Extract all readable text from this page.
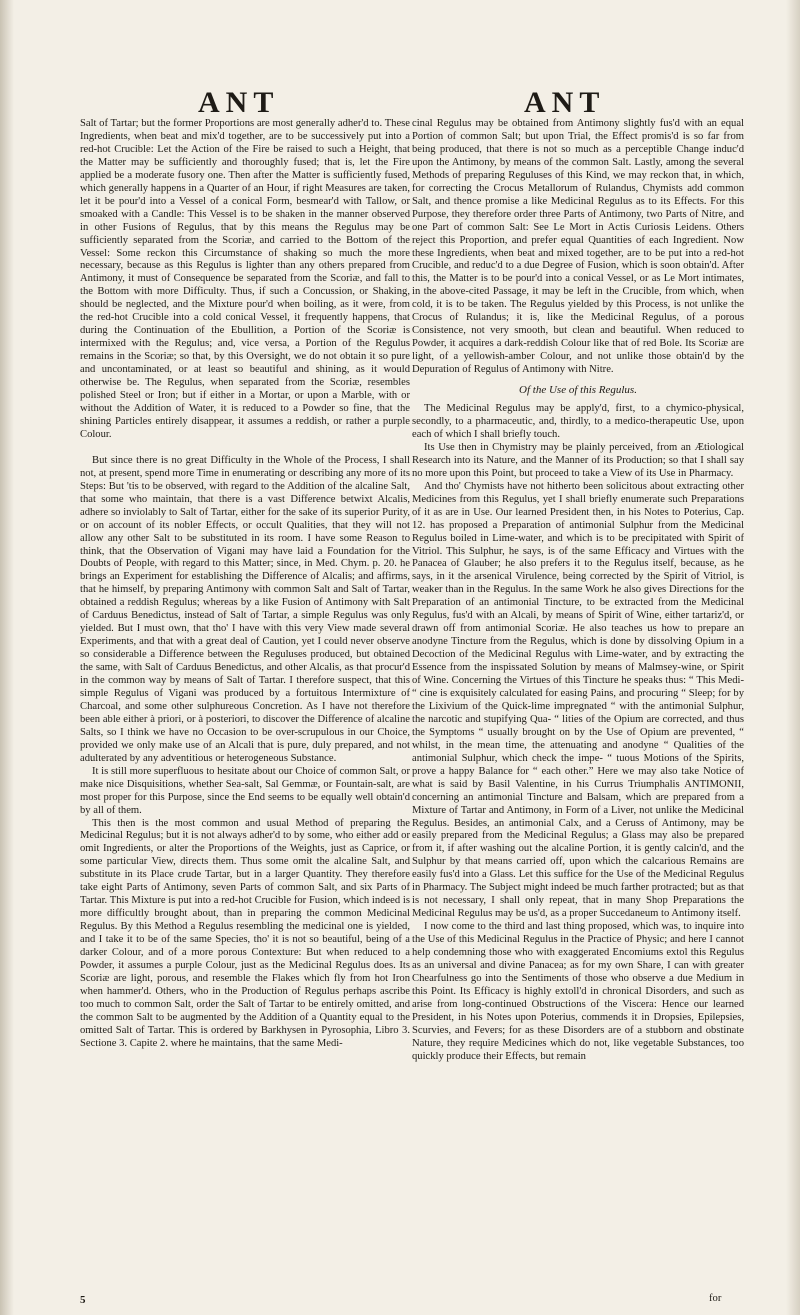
ANT	ANT

Salt of Tartar; but the former Proportions are most generally adher'd to. These Ingredients, when beat and mix'd together, are to be successively put into a red-hot Crucible: Let the Action of the Fire be raised to such a Height, that the Matter may be sufficiently and thoroughly fused; that is, let the Fire applied be a moderate fusory one. Then after the Matter is sufficiently fused, which generally happens in a Quarter of an Hour, if right Measures are taken, let it be pour'd into a Vessel of a conical Form, besmear'd with Tallow, or smoaked with a Candle: This Vessel is to be shaken in the manner observed in other Fusions of Regulus, that by this means the Regulus may be sufficiently separated from the Scoriæ, and carried to the Bottom of the Vessel: Some reckon this Circumstance of shaking so much the more necessary, because as this Regulus is lighter than any others prepared from Antimony, it must of Consequence be separated from the Scoriæ, and fall to the Bottom with more Difficulty. Thus, if such a Concussion, or Shaking, should be neglected, and the Mixture pour'd when boiling, as it were, from the red-hot Crucible into a cold conical Vessel, it frequently happens, that during the Continuation of the Ebullition, a Portion of the Scoriæ is intermixed with the Regulus; and, vice versa, a Portion of the Regulus remains in the Scoriæ; so that, by this Oversight, we do not obtain it so pure and uncontaminated, or at least so beautiful and shining, as it would otherwise be. The Regulus, when separated from the Scoriæ, resembles polished Steel or Iron; but if either in a Mortar, or upon a Marble, with or without the Addition of Water, it is reduced to a Powder so fine, that the shining Particles entirely disappear, it assumes a reddish, or rather a purple Colour.

But since there is no great Difficulty in the Whole of the Process, I shall not, at present, spend more Time in enumerating or describing any more of its Steps: But 'tis to be observed, with regard to the Addition of the alcaline Salt, that some who maintain, that there is a vast Difference betwixt Alcalis, adhere so inviolably to Salt of Tartar, either for the sake of its superior Purity, or on account of its nobler Effects, or occult Qualities, that they will not allow any other Salt to be substituted in its room. I have some Reason to think, that the Observation of Vigani may have laid a Foundation for the Doubts of People, with regard to this Matter; since, in Med. Chym. p. 20. he brings an Experiment for establishing the Difference of Alcalis; and affirms, that he himself, by preparing Antimony with common Salt and Salt of Tartar, obtained a reddish Regulus; whereas by a like Fusion of Antimony with Salt of Carduus Benedictus, instead of Salt of Tartar, a simple Regulus was only yielded. But I must own, that tho' I have with this very View made several Experiments, and that with a great deal of Caution, yet I could never observe so considerable a Difference between the Reguluses produced, but obtained the same, with Salt of Carduus Benedictus, and other Alcalis, as that procur'd in the common way by means of Salt of Tartar. I therefore suspect, that this simple Regulus of Vigani was produced by a fortuitous Intermixture of Charcoal, and some other sulphureous Concretion. As I have not therefore been able either à priori, or à posteriori, to discover the Difference of alcaline Salts, so I think we have no Occasion to be over-scrupulous in our Choice, provided we only make use of an Alcali that is pure, duly prepared, and not adulterated by any adventitious or heterogeneous Substance.

It is still more superfluous to hesitate about our Choice of common Salt, or make nice Disquisitions, whether Sea-salt, Sal Gemmæ, or Fountain-salt, are most proper for this Purpose, since the End seems to be equally well obtain'd by all of them.

This then is the most common and usual Method of preparing the Medicinal Regulus; but it is not always adher'd to by some, who either add or omit Ingredients, or alter the Proportions of the Weights, just as Caprice, or some particular View, directs them. Thus some omit the alcaline Salt, and substitute in its Place crude Tartar, but in a larger Quantity. They therefore take eight Parts of Antimony, seven Parts of common Salt, and six Parts of Tartar. This Mixture is put into a red-hot Crucible for Fusion, which indeed is more difficultly brought about, than in preparing the common Medicinal Regulus. By this Method a Regulus resembling the medicinal one is yielded, and I take it to be of the same Species, tho' it is not so beautiful, being of a darker Colour, and of a more porous Contexture: But when reduced to a Powder, it assumes a purple Colour, just as the Medicinal Regulus does. Its Scoriæ are light, porous, and resemble the Flakes which fly from hot Iron when hammer'd. Others, who in the Production of Regulus perhaps ascribe too much to common Salt, order the Salt of Tartar to be entirely omitted, and the common Salt to be augmented by the Addition of a Quantity equal to the omitted Salt of Tartar. This is ordered by Barkhysen in Pyrosophia, Libro 3. Sectione 3. Capite 2. where he maintains, that the same Medi-

cinal Regulus may be obtained from Antimony slightly fus'd with an equal Portion of common Salt; but upon Trial, the Effect promis'd is so far from being produced, that there is not so much as a perceptible Change induc'd upon the Antimony, by means of the common Salt. Lastly, among the several Methods of preparing Reguluses of this Kind, we may reckon that, in which, for correcting the Crocus Metallorum of Rulandus, Chymists add common Salt, and thence promise a like Medicinal Regulus as to its Effects. For this Purpose, they therefore order three Parts of Antimony, two Parts of Nitre, and one Part of common Salt: See Le Mort in Actis Curiosis Leidens. Others reject this Proportion, and prefer equal Quantities of each Ingredient. Now these Ingredients, when beat and mixed together, are to be put into a red-hot Crucible, and reduc'd to a due Degree of Fusion, which is soon obtain'd. After this, the Matter is to be pour'd into a conical Vessel, or as Le Mort intimates, in the above-cited Passage, it may be left in the Crucible, from which, when cold, it is to be taken. The Regulus yielded by this Process, is not unlike the Crocus of Rulandus; it is, like the Medicinal Regulus, of a porous Consistence, not very smooth, but clean and beautiful. When reduced to Powder, it acquires a dark-reddish Colour like that of red Bole. Its Scoriæ are light, of a yellowish-amber Colour, and not unlike those obtain'd by the Depuration of Regulus of Antimony with Nitre.

Of the Use of this Regulus.

The Medicinal Regulus may be apply'd, first, to a chymico-physical, secondly, to a pharmaceutic, and, thirdly, to a medico-therapeutic Use, upon each of which I shall briefly touch.

Its Use then in Chymistry may be plainly perceived, from an Ætiological Research into its Nature, and the Manner of its Production; so that I shall say no more upon this Point, but proceed to take a View of its Use in Pharmacy.

And tho' Chymists have not hitherto been solicitous about extracting other Medicines from this Regulus, yet I shall briefly enumerate such Preparations of it as are in Use. Our learned President then, in his Notes to Poterius, Cap. 12. has proposed a Preparation of antimonial Sulphur from the Medicinal Regulus boiled in Lime-water, and which is to be precipitated with Spirit of Vitriol. This Sulphur, he says, is of the same Efficacy and Virtues with the Panacea of Glauber; he also prefers it to the Regulus itself, because, as he says, in it the arsenical Virulence, being corrected by the Spirit of Vitriol, is weaker than in the Regulus. In the same Work he also gives Directions for the Preparation of an antimonial Tincture, to be extracted from the Medicinal Regulus, fus'd with an Alcali, by means of Spirit of Wine, either tartariz'd, or drawn off from antimonial Scoriæ. He also teaches us how to prepare an anodyne Tincture from the Regulus, which is done by dissolving Opium in a Decoction of the Medicinal Regulus with Lime-water, and by extracting the Essence from the inspissated Solution by means of Malmsey-wine, or Spirit of Wine. Concerning the Virtues of this Tincture he speaks thus: “ This Medi- “ cine is exquisitely calculated for easing Pains, and procuring “ Sleep; for by the Lixivium of the Quick-lime impregnated “ with the antimonial Sulphur, the narcotic and stupifying Qua- “ lities of the Opium are corrected, and thus the Symptoms “ usually brought on by the Use of Opium are prevented, “ whilst, in the mean time, the attenuating and anodyne “ Qualities of the antimonial Sulphur, which check the impe- “ tuous Motions of the Spirits, prove a happy Balance for “ each other.” Here we may also take Notice of what is said by Basil Valentine, in his Currus Triumphalis ANTIMONII, concerning an antimonial Tincture and Balsam, which are prepared from a Mixture of Tartar and Antimony, in Form of a Liver, not unlike the Medicinal Regulus. Besides, an antimonial Calx, and a Ceruss of Antimony, may be easily prepared from the Medicinal Regulus; a Glass may also be prepared from it, if after washing out the alcaline Portion, it is gently calcin'd, and the Sulphur by that means carried off, upon which the calcarious Remains are easily fus'd into a Glass. Let this suffice for the Use of the Medicinal Regulus in Pharmacy. The Subject might indeed be much farther protracted; but as that is not necessary, I shall only repeat, that in many Shop Preparations the Medicinal Regulus may be us'd, as a proper Succedaneum to Antimony itself.

I now come to the third and last thing proposed, which was, to inquire into the Use of this Medicinal Regulus in the Practice of Physic; and here I cannot help condemning those who with exaggerated Encomiums extol this Regulus as an universal and divine Panacea; as for my own Share, I can with greater Chearfulness go into the Sentiments of those who observe a due Medium in this Point. Its Efficacy is highly extoll'd in chronical Disorders, and such as arise from long-continued Obstructions of the Viscera: Hence our learned President, in his Notes upon Poterius, commends it in Dropsies, Epilepsies, Scurvies, and Fevers; for as these Disorders are of a stubborn and obstinate Nature, they require Medicines which do not, like vegetable Substances, too quickly produce their Effects, but remain

5	for
